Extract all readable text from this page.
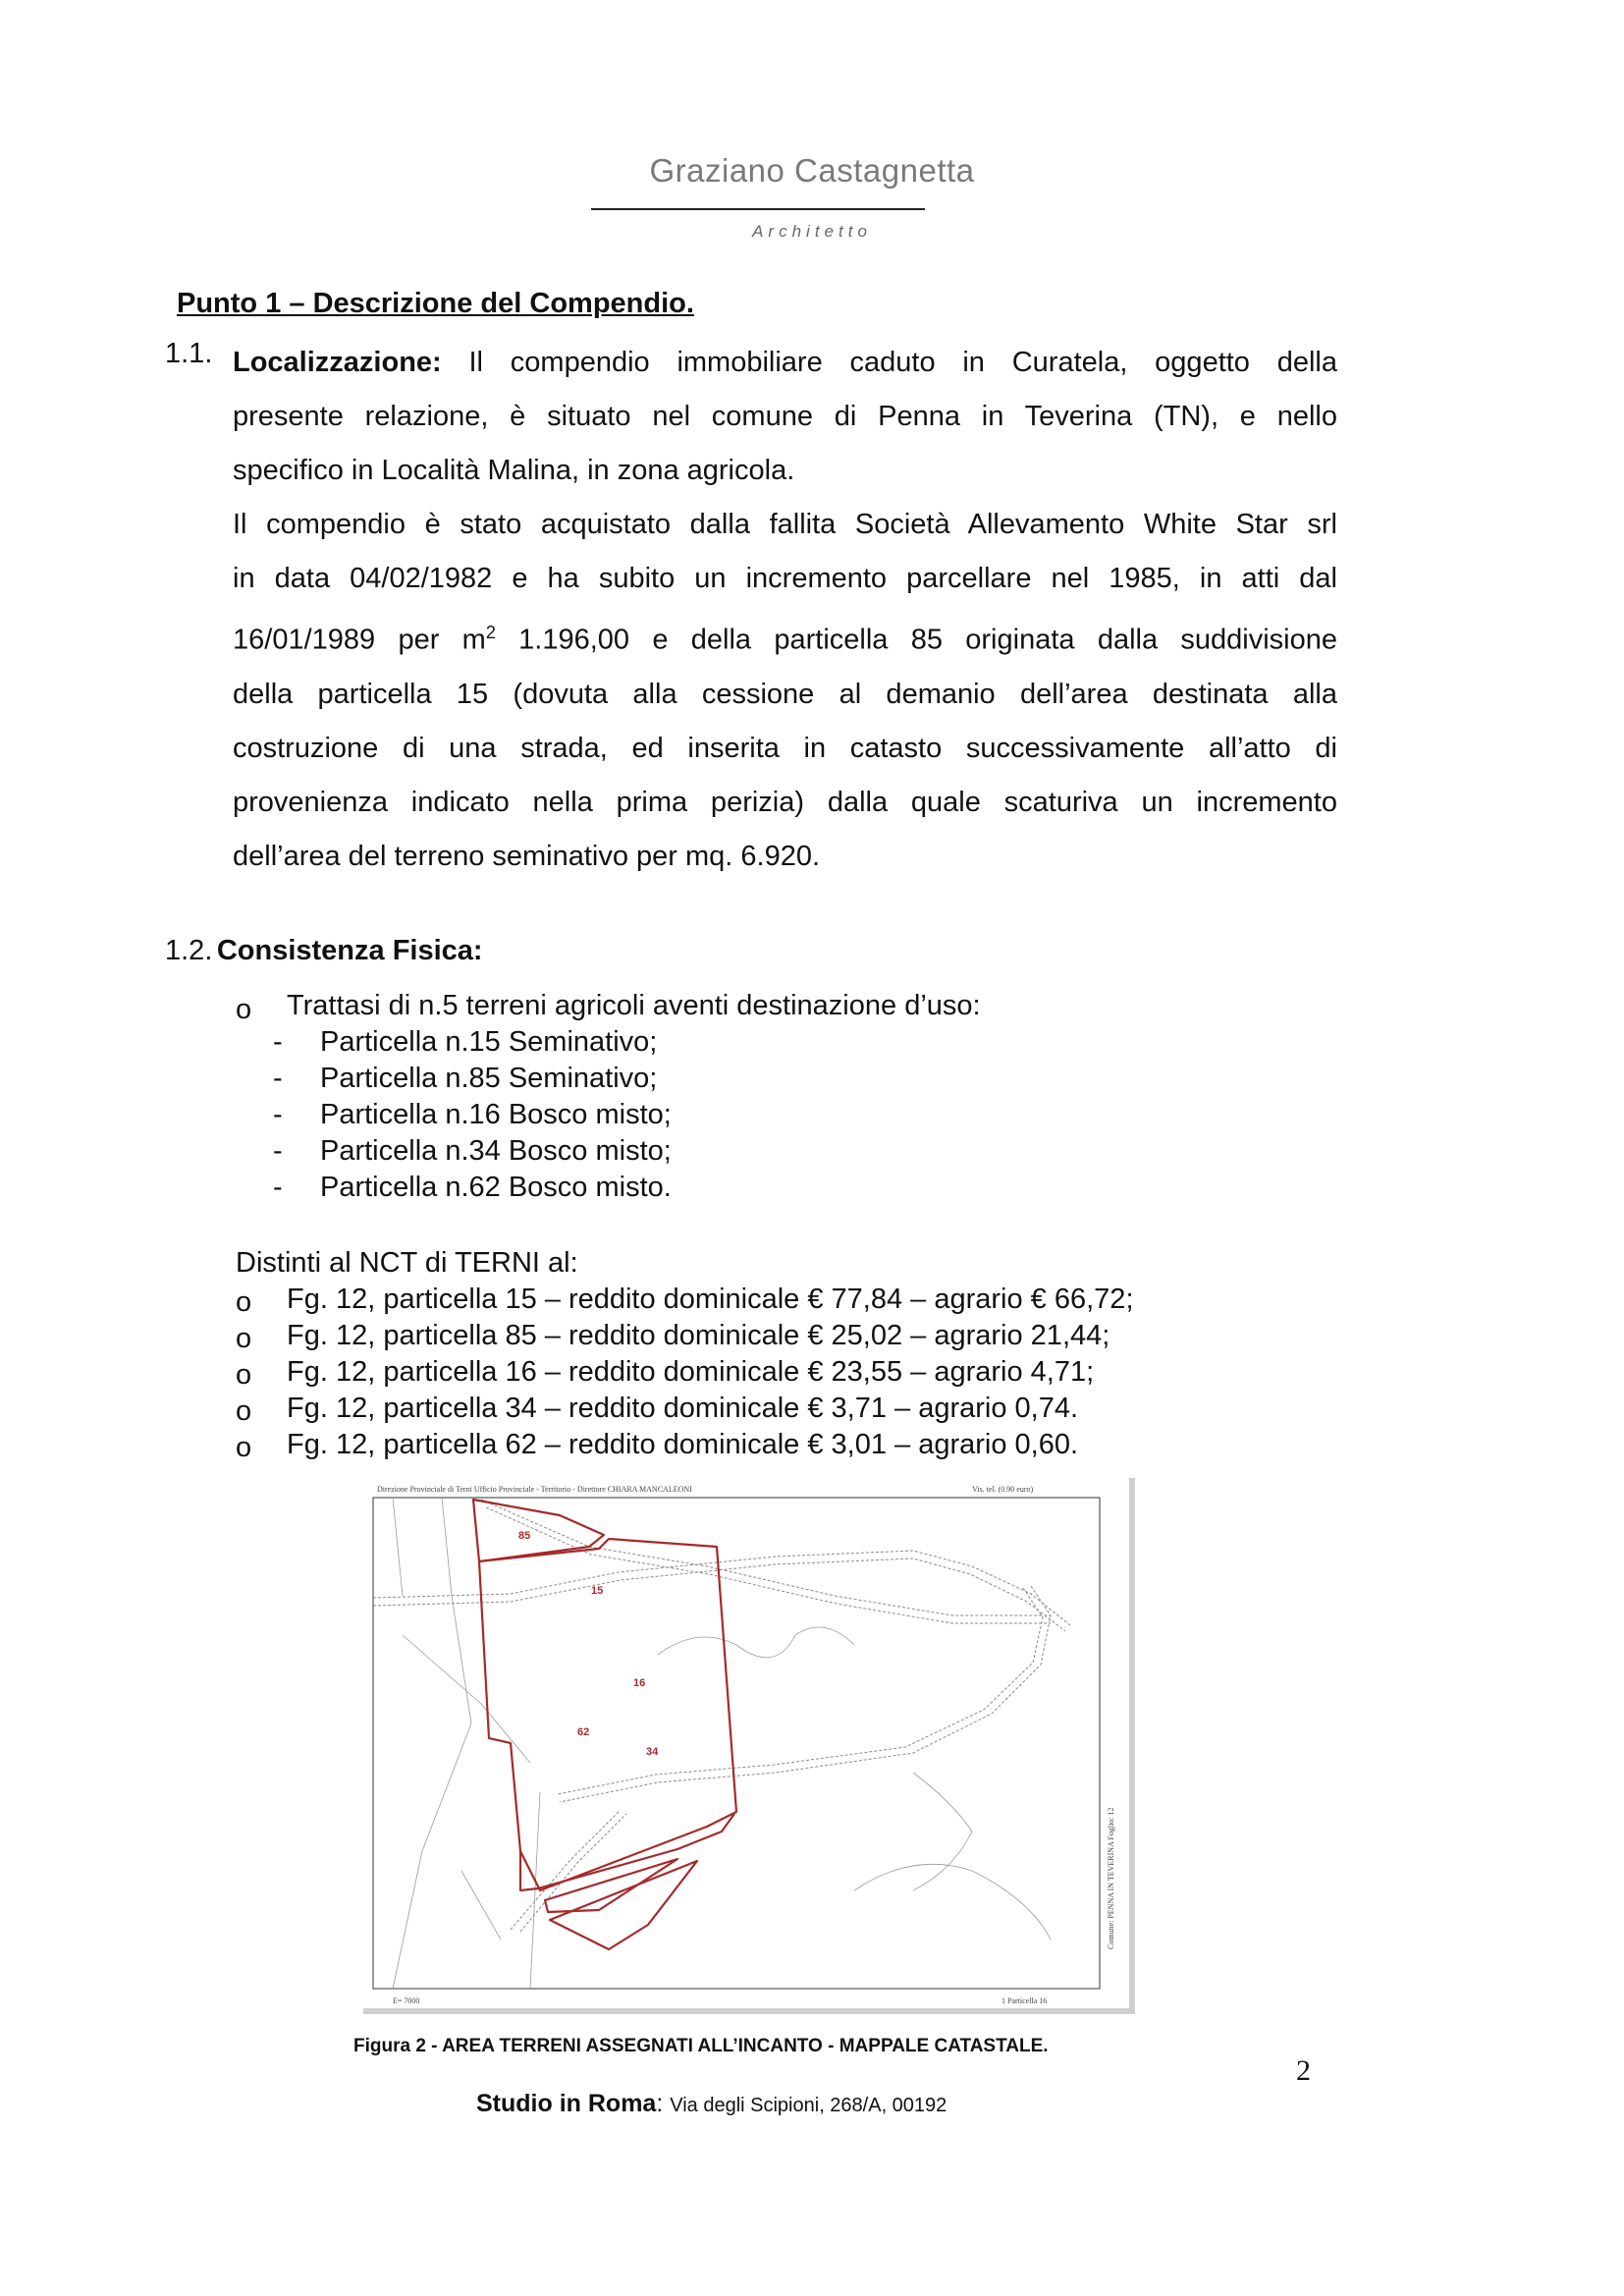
Graziano Castagnetta
Architetto
Punto 1 – Descrizione del Compendio.
1.1. Localizzazione: Il compendio immobiliare caduto in Curatela, oggetto della
presente relazione, è situato nel comune di Penna in Teverina (TN), e nello
specifico in Località Malina, in zona agricola.
Il compendio è stato acquistato dalla fallita Società Allevamento White Star srl
in data 04/02/1982 e ha subito un incremento parcellare nel 1985, in atti dal
16/01/1989 per $m^2$ 1.196,00 e della particella 85 originata dalla suddivisione
della particella 15 (dovuta alla cessione al demanio dell’area destinata alla
costruzione di una strada, ed inserita in catasto successivamente all’atto di
provenienza indicato nella prima perizia) dalla quale scaturiva un incremento
dell’area del terreno seminativo per mq. 6.920.
1.2. Consistenza Fisica:
o Trattasi di n.5 terreni agricoli aventi destinazione d’uso:
- Particella n.15 Seminativo;
- Particella n.85 Seminativo;
- Particella n.16 Bosco misto;
- Particella n.34 Bosco misto;
- Particella n.62 Bosco misto.
Distinti al NCT di TERNI al:
o Fg. 12, particella 15 – reddito dominicale € 77,84 – agrario € 66,72;
o Fg. 12, particella 85 – reddito dominicale € 25,02 – agrario 21,44;
o Fg. 12, particella 16 – reddito dominicale € 23,55 – agrario 4,71;
o Fg. 12, particella 34 – reddito dominicale € 3,71 – agrario 0,74.
o Fg. 12, particella 62 – reddito dominicale € 3,01 – agrario 0,60.
Direzione Provinciale di Terni Ufficio Provinciale - Territorio - Direttore CHIARA MANCALEONI	Vis. tel. (0.90 euro)
85
15
16
62
34
Comune: PENNA IN TEVERINA Foglio: 12
E= 7000	1 Particella 16
Figura 2 - AREA TERRENI ASSEGNATI ALL’INCANTO - MAPPALE CATASTALE.
2
Studio in Roma: Via degli Scipioni, 268/A, 00192
